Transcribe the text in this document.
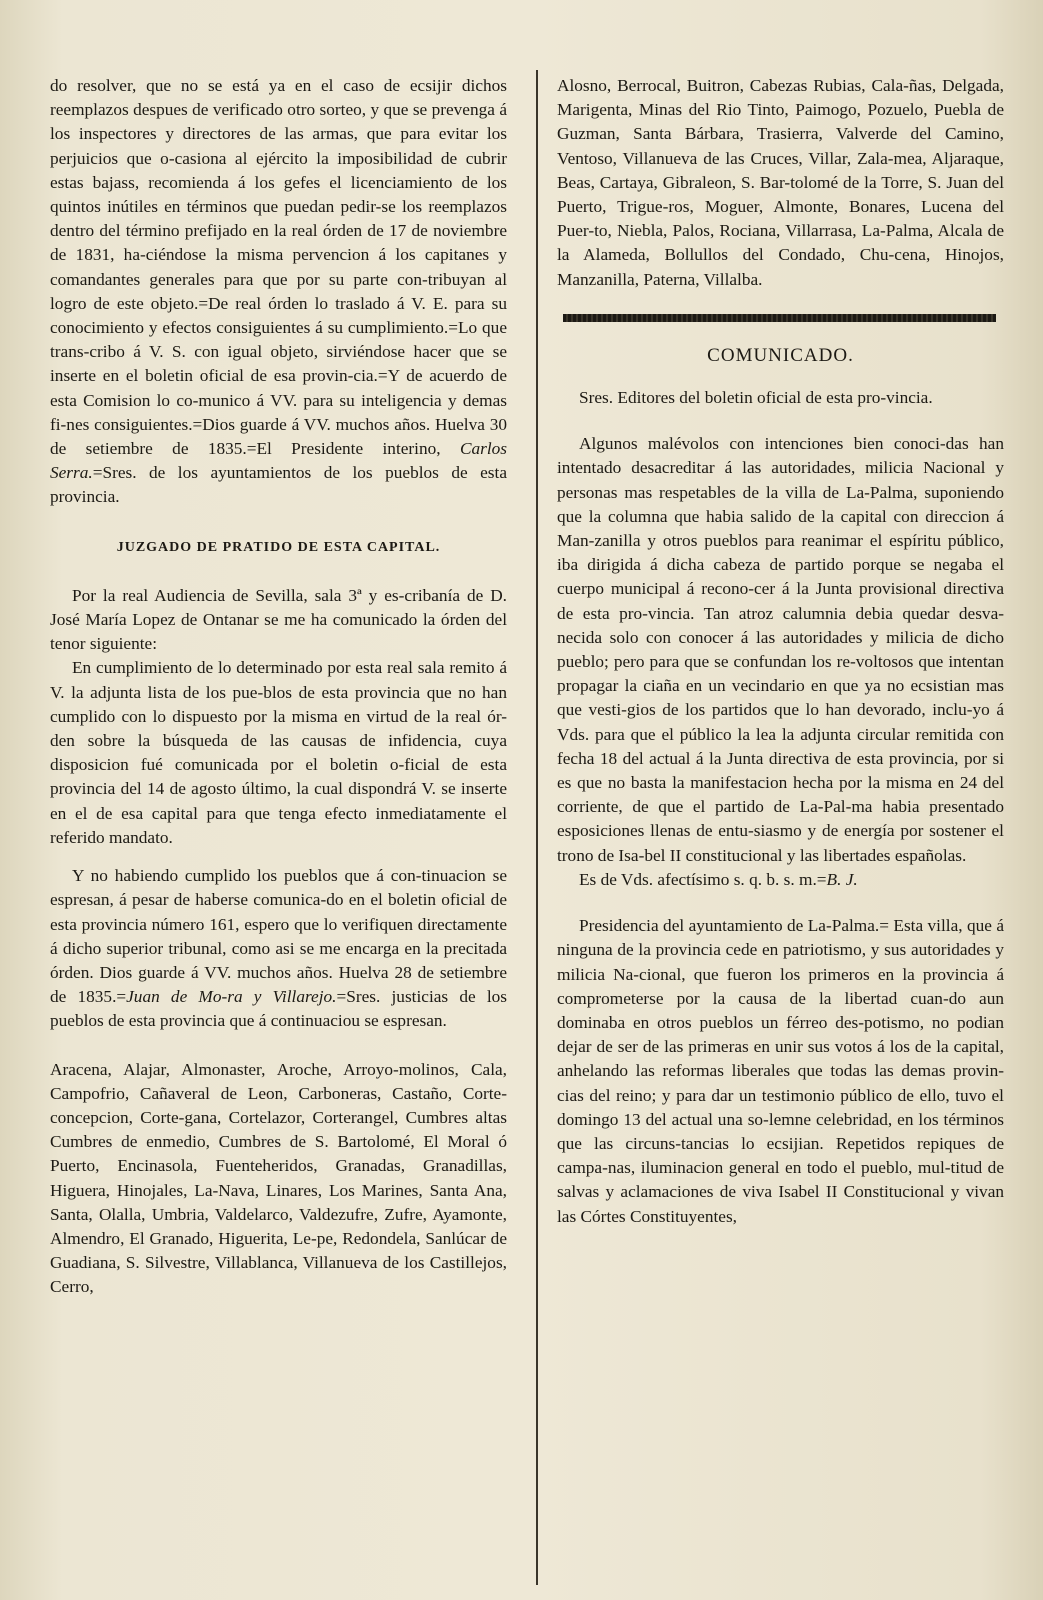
do resolver, que no se está ya en el caso de ecsijir dichos reemplazos despues de verificado otro sorteo, y que se prevenga á los inspectores y directores de las armas, que para evitar los perjuicios que o-casiona al ejército la imposibilidad de cubrir estas bajass, recomienda á los gefes el licenciamiento de los quintos inútiles en términos que puedan pedir-se los reemplazos dentro del término prefijado en la real órden de 17 de noviembre de 1831, ha-ciéndose la misma pervencion á los capitanes y comandantes generales para que por su parte con-tribuyan al logro de este objeto.=De real órden lo traslado á V. E. para su conocimiento y efectos consiguientes á su cumplimiento.=Lo que trans-cribo á V. S. con igual objeto, sirviéndose hacer que se inserte en el boletin oficial de esa provin-cia.=Y de acuerdo de esta Comision lo co-munico á VV. para su inteligencia y demas fi-nes consiguientes.=Dios guarde á VV. muchos años. Huelva 30 de setiembre de 1835.=El Presidente interino, Carlos Serra.=Sres. de los ayuntamientos de los pueblos de esta provincia.

JUZGADO DE PRATIDO DE ESTA CAPITAL.

Por la real Audiencia de Sevilla, sala 3ª y es-cribanía de D. José María Lopez de Ontanar se me ha comunicado la órden del tenor siguiente:

En cumplimiento de lo determinado por esta real sala remito á V. la adjunta lista de los pue-blos de esta provincia que no han cumplido con lo dispuesto por la misma en virtud de la real ór-den sobre la búsqueda de las causas de infidencia, cuya disposicion fué comunicada por el boletin o-ficial de esta provincia del 14 de agosto último, la cual dispondrá V. se inserte en el de esa capital para que tenga efecto inmediatamente el referido mandato.

Y no habiendo cumplido los pueblos que á con-tinuacion se espresan, á pesar de haberse comunica-do en el boletin oficial de esta provincia número 161, espero que lo verifiquen directamente á dicho superior tribunal, como asi se me encarga en la precitada órden. Dios guarde á VV. muchos años. Huelva 28 de setiembre de 1835.=Juan de Mo-ra y Villarejo.=Sres. justicias de los pueblos de esta provincia que á continuaciou se espresan.

Aracena, Alajar, Almonaster, Aroche, Arroyo-molinos, Cala, Campofrio, Cañaveral de Leon, Carboneras, Castaño, Corte-concepcion, Corte-gana, Cortelazor, Corterangel, Cumbres altas Cumbres de enmedio, Cumbres de S. Bartolomé, El Moral ó Puerto, Encinasola, Fuenteheridos, Granadas, Granadillas, Higuera, Hinojales, La-Nava, Linares, Los Marines, Santa Ana, Santa, Olalla, Umbria, Valdelarco, Valdezufre, Zufre, Ayamonte, Almendro, El Granado, Higuerita, Le-pe, Redondela, Sanlúcar de Guadiana, S. Silvestre, Villablanca, Villanueva de los Castillejos, Cerro,

Alosno, Berrocal, Buitron, Cabezas Rubias, Cala-ñas, Delgada, Marigenta, Minas del Rio Tinto, Paimogo, Pozuelo, Puebla de Guzman, Santa Bárbara, Trasierra, Valverde del Camino, Ventoso, Villanueva de las Cruces, Villar, Zala-mea, Aljaraque, Beas, Cartaya, Gibraleon, S. Bar-tolomé de la Torre, S. Juan del Puerto, Trigue-ros, Moguer, Almonte, Bonares, Lucena del Puer-to, Niebla, Palos, Rociana, Villarrasa, La-Palma, Alcala de la Alameda, Bollullos del Condado, Chu-cena, Hinojos, Manzanilla, Paterna, Villalba.

COMUNICADO.

Sres. Editores del boletin oficial de esta pro-vincia.

Algunos malévolos con intenciones bien conoci-das han intentado desacreditar á las autoridades, milicia Nacional y personas mas respetables de la villa de La-Palma, suponiendo que la columna que habia salido de la capital con direccion á Man-zanilla y otros pueblos para reanimar el espíritu público, iba dirigida á dicha cabeza de partido porque se negaba el cuerpo municipal á recono-cer á la Junta provisional directiva de esta pro-vincia. Tan atroz calumnia debia quedar desva-necida solo con conocer á las autoridades y milicia de dicho pueblo; pero para que se confundan los re-voltosos que intentan propagar la ciaña en un vecindario en que ya no ecsistian mas que vesti-gios de los partidos que lo han devorado, inclu-yo á Vds. para que el público la lea la adjunta circular remitida con fecha 18 del actual á la Junta directiva de esta provincia, por si es que no basta la manifestacion hecha por la misma en 24 del corriente, de que el partido de La-Pal-ma habia presentado esposiciones llenas de entu-siasmo y de energía por sostener el trono de Isa-bel II constitucional y las libertades españolas.

Es de Vds. afectísimo s. q. b. s. m.=B. J.

Presidencia del ayuntamiento de La-Palma.= Esta villa, que á ninguna de la provincia cede en patriotismo, y sus autoridades y milicia Na-cional, que fueron los primeros en la provincia á comprometerse por la causa de la libertad cuan-do aun dominaba en otros pueblos un férreo des-potismo, no podian dejar de ser de las primeras en unir sus votos á los de la capital, anhelando las reformas liberales que todas las demas provin-cias del reino; y para dar un testimonio público de ello, tuvo el domingo 13 del actual una so-lemne celebridad, en los términos que las circuns-tancias lo ecsijian. Repetidos repiques de campa-nas, iluminacion general en todo el pueblo, mul-titud de salvas y aclamaciones de viva Isabel II Constitucional y vivan las Córtes Constituyentes,
